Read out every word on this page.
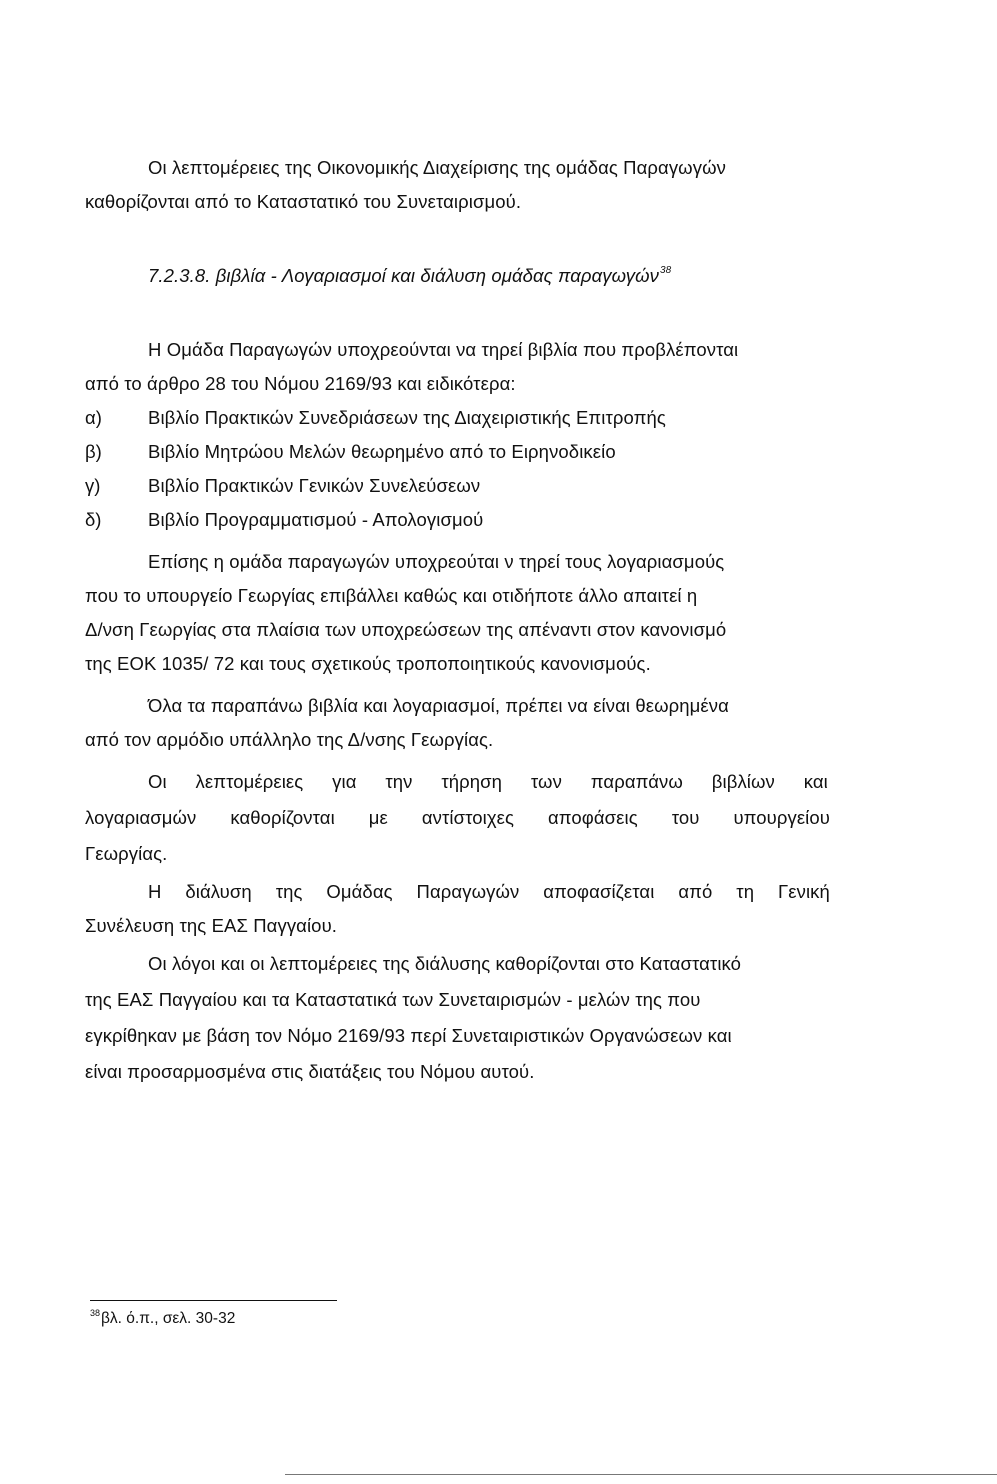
Οι λεπτομέρειες της Οικονομικής Διαχείρισης της ομάδας Παραγωγών
καθορίζονται από το Καταστατικό του Συνεταιρισμού.
7.2.3.8. βιβλία - Λογαριασμοί και διάλυση ομάδας παραγωγών$^{38}$
Η Ομάδα Παραγωγών υποχρεούνται να τηρεί βιβλία που προβλέπονται
από το άρθρο 28 του Νόμου 2169/93 και ειδικότερα:
α) Βιβλίο Πρακτικών Συνεδριάσεων της Διαχειριστικής Επιτροπής
β) Βιβλίο Μητρώου Μελών θεωρημένο από το Ειρηνοδικείο
γ)	Βιβλίο Πρακτικών Γενικών Συνελεύσεων
δ)	Βιβλίο Προγραμματισμού - Απολογισμού
Επίσης η ομάδα παραγωγών υποχρεούται ν τηρεί τους λογαριασμούς
που το υπουργείο Γεωργίας επιβάλλει καθώς και οτιδήποτε άλλο απαιτεί η
Δ/νση Γεωργίας στα πλαίσια των υποχρεώσεων της απέναντι στον κανονισμό
της ΕΟΚ 1035/ 72 και τους σχετικούς τροποποιητικούς κανονισμούς.
Όλα τα παραπάνω βιβλία και λογαριασμοί, πρέπει να είναι θεωρημένα
από τον αρμόδιο υπάλληλο της Δ/νσης Γεωργίας.
Οι λεπτομέρειες για την τήρηση των παραπάνω βιβλίων και
λογαριασμών καθορίζονται με αντίστοιχες αποφάσεις του υπουργείου
Γεωργίας.
Η διάλυση της Ομάδας Παραγωγών αποφασίζεται από τη Γενική
Συνέλευση της ΕΑΣ Παγγαίου.
Οι λόγοι και οι λεπτομέρειες της διάλυσης καθορίζονται στο Καταστατικό
της ΕΑΣ Παγγαίου και τα Καταστατικά των Συνεταιρισμών - μελών της που
εγκρίθηκαν με βάση τον Νόμο 2169/93 περί Συνεταιριστικών Οργανώσεων και
είναι προσαρμοσμένα στις διατάξεις του Νόμου αυτού.
$^{38}$βλ. ό.π., σελ. 30-32
